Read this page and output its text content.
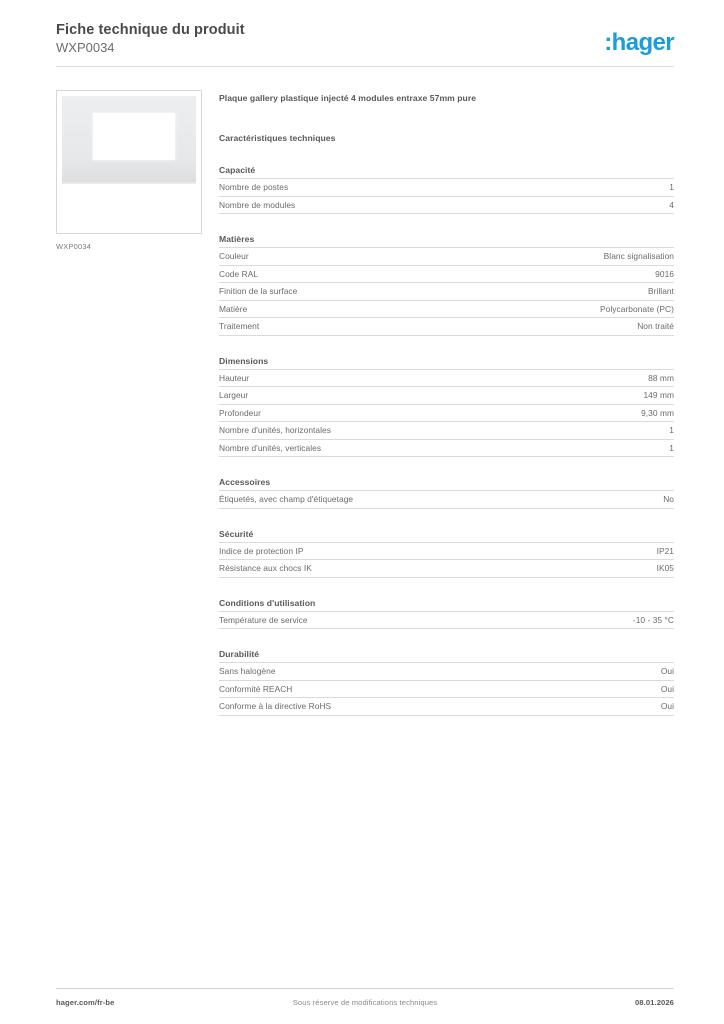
Fiche technique du produit
WXP0034	:hager
WXP0034
Plaque gallery plastique injecté 4 modules entraxe 57mm pure
Caractéristiques techniques
Capacité
Nombre de postes	1
Nombre de modules	4
Matières
Couleur	Blanc signalisation
Code RAL	9016
Finition de la surface	Brillant
Matière	Polycarbonate (PC)
Traitement	Non traité
Dimensions
Hauteur	88 mm
Largeur	149 mm
Profondeur	9,30 mm
Nombre d'unités, horizontales	1
Nombre d'unités, verticales	1
Accessoires
Étiquetés, avec champ d'étiquetage	No
Sécurité
Indice de protection IP	IP21
Résistance aux chocs IK	IK05
Conditions d'utilisation
Température de service	-10 - 35 °C
Durabilité
Sans halogène	Oui
Conformité REACH	Oui
Conforme à la directive RoHS	Oui
hager.com/fr-be	Sous réserve de modifications techniques	08.01.2026
